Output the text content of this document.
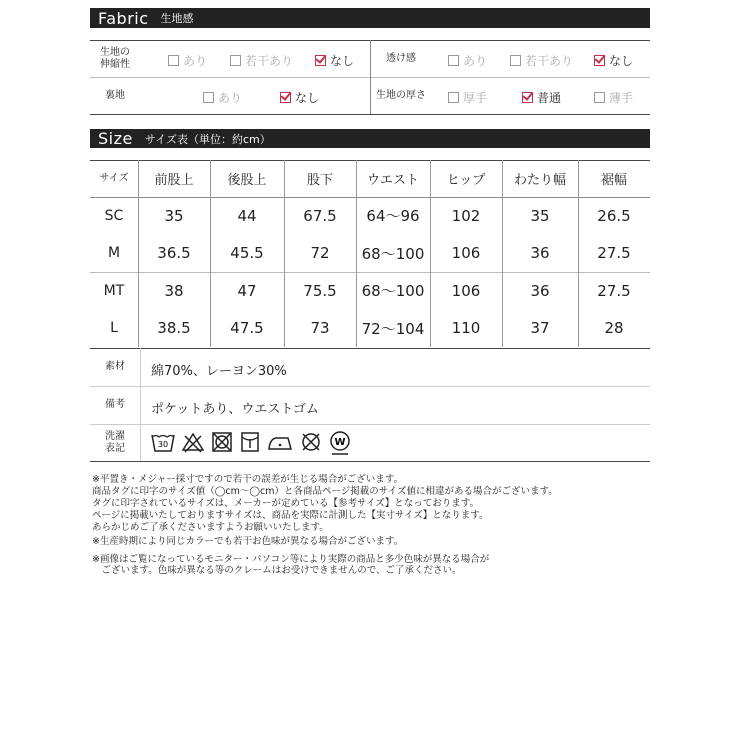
Fabric 生地感
生地の
伸縮性	あり	若干あり	なし
裏地	あり	なし
透け感	あり	若干あり	なし
生地の厚さ	厚手	普通	薄手
Size サイズ表（単位：約cm）
サイズ	前股上	後股上	股下	ウエスト	ヒップ	わたり幅	裾幅
SC	35	44	67.5	64〜96	102	35	26.5
M	36.5	45.5	72	68〜100	106	36	27.5
MT	38	47	75.5	68〜100	106	36	27.5
L	38.5	47.5	73	72〜104	110	37	28
素材	綿70%、レーヨン30%
備考	ポケットあり、ウエストゴム
洗濯
表記	30	W
※平置き・メジャー採寸ですので若干の誤差が生じる場合がございます。
商品タグに印字のサイズ値（◯cm〜◯cm）と各商品ページ掲載のサイズ値に相違がある場合がございます。
タグに印字されているサイズは、メーカーが定めている【参考サイズ】となっております。
ページに掲載いたしておりますサイズは、商品を実際に計測した【実寸サイズ】となります。
あらかじめご了承くださいますようお願いいたします。
※生産時期により同じカラーでも若干お色味が異なる場合がございます。
※画像はご覧になっているモニター・パソコン等により実際の商品と多少色味が異なる場合が
　ございます。色味が異なる等のクレームはお受けできませんので、ご了承ください。
